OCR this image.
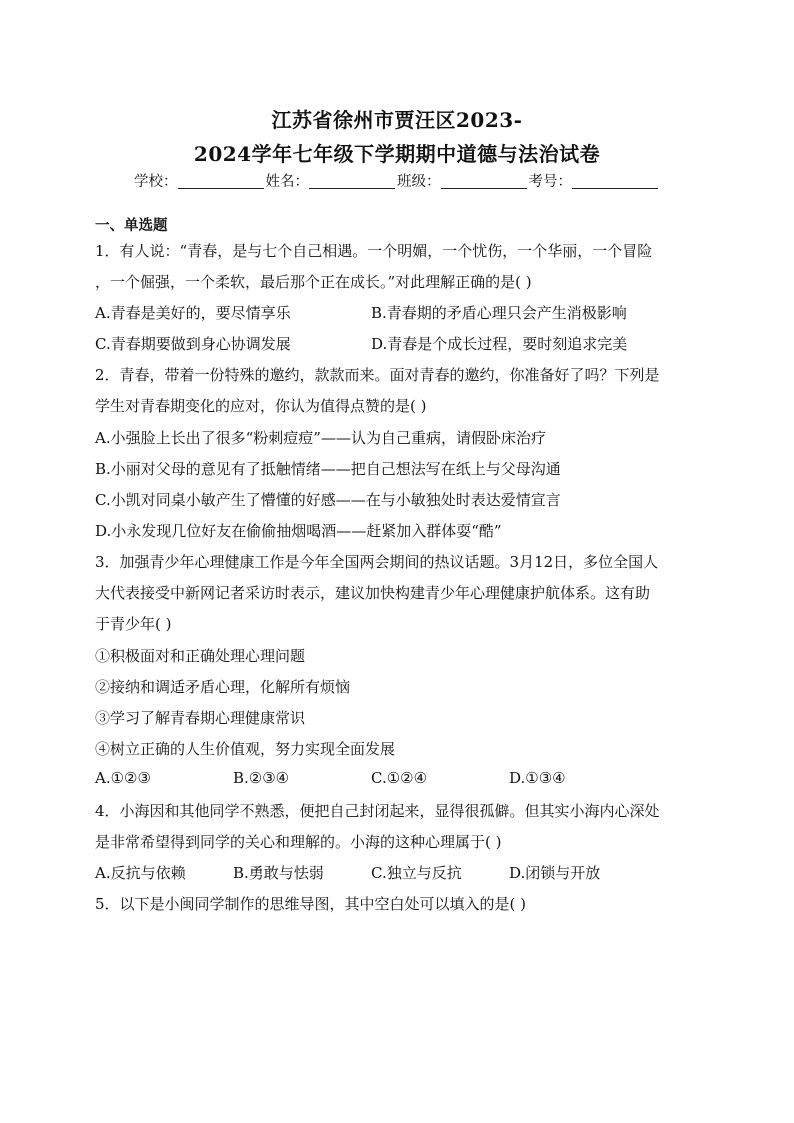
江苏省徐州市贾汪区2023-
2024学年七年级下学期期中道德与法治试卷
学校：	姓名：	班级：	考号：
一、单选题
1．有人说：“青春，是与七个自己相遇。一个明媚，一个忧伤，一个华丽，一个冒险
，一个倔强，一个柔软，最后那个正在成长。”对此理解正确的是( )
A.青春是美好的，要尽情享乐	B.青春期的矛盾心理只会产生消极影响
C.青春期要做到身心协调发展	D.青春是个成长过程，要时刻追求完美
2．青春，带着一份特殊的邀约，款款而来。面对青春的邀约，你准备好了吗？下列是
学生对青春期变化的应对，你认为值得点赞的是( )
A.小强脸上长出了很多“粉刺痘痘”——认为自己重病，请假卧床治疗
B.小丽对父母的意见有了抵触情绪——把自己想法写在纸上与父母沟通
C.小凯对同桌小敏产生了懵懂的好感——在与小敏独处时表达爱情宣言
D.小永发现几位好友在偷偷抽烟喝酒——赶紧加入群体耍“酷”
3．加强青少年心理健康工作是今年全国两会期间的热议话题。3月12日，多位全国人
大代表接受中新网记者采访时表示，建议加快构建青少年心理健康护航体系。这有助
于青少年( )
①积极面对和正确处理心理问题
②接纳和调适矛盾心理，化解所有烦恼
③学习了解青春期心理健康常识
④树立正确的人生价值观，努力实现全面发展
A.①②③	B.②③④	C.①②④	D.①③④
4．小海因和其他同学不熟悉，便把自己封闭起来，显得很孤僻。但其实小海内心深处
是非常希望得到同学的关心和理解的。小海的这种心理属于( )
A.反抗与依赖	B.勇敢与怯弱	C.独立与反抗	D.闭锁与开放
5．以下是小闽同学制作的思维导图，其中空白处可以填入的是( )
